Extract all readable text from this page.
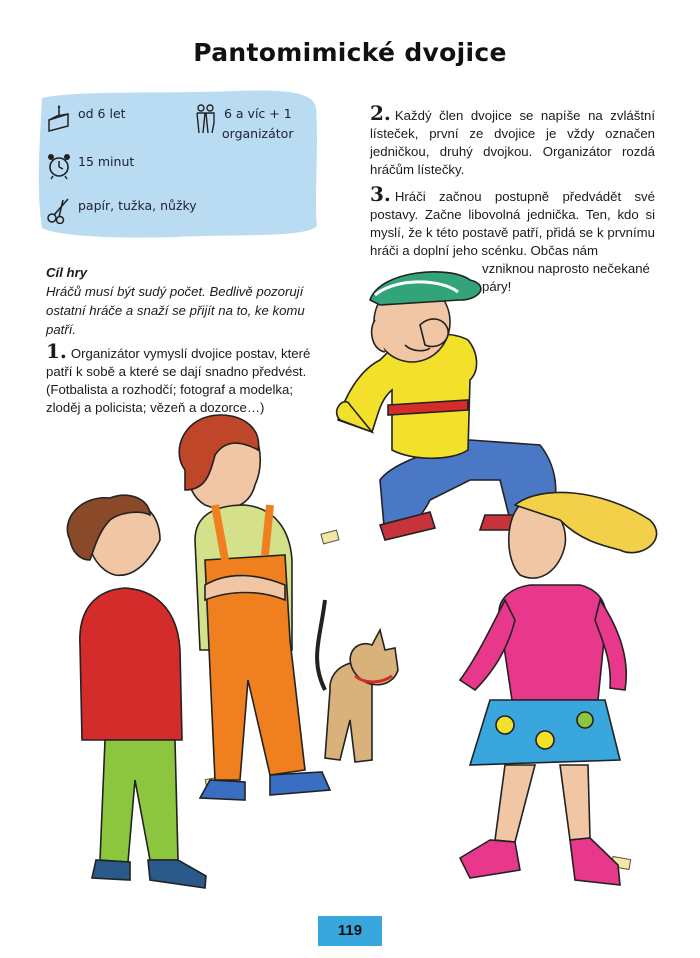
Pantomimické dvojice
od 6 let
15 minut
papír, tužka, nůžky
6 a víc + 1
organizátor
Cíl hry
Hráčů musí být sudý počet. Bedlivě pozorují ostatní hráče a snaží se přijít na to, ke komu patří.
1. Organizátor vymyslí dvojice postav, které patří k sobě a které se dají snadno předvést. (Fotbalista a rozhodčí; fotograf a modelka; zloděj a policista; vězeň a dozorce…)
2. Každý člen dvojice se napíše na zvláštní lísteček, první ze dvojice je vždy označen jedničkou, druhý dvojkou. Organizátor rozdá hráčům lístečky.
3. Hráči začnou postupně předvádět své postavy. Začne libovolná jednička. Ten, kdo si myslí, že k této postavě patří, přidá se k prvnímu hráči a doplní jeho scénku. Občas nám
vzniknou naprosto nečekané páry!
119
